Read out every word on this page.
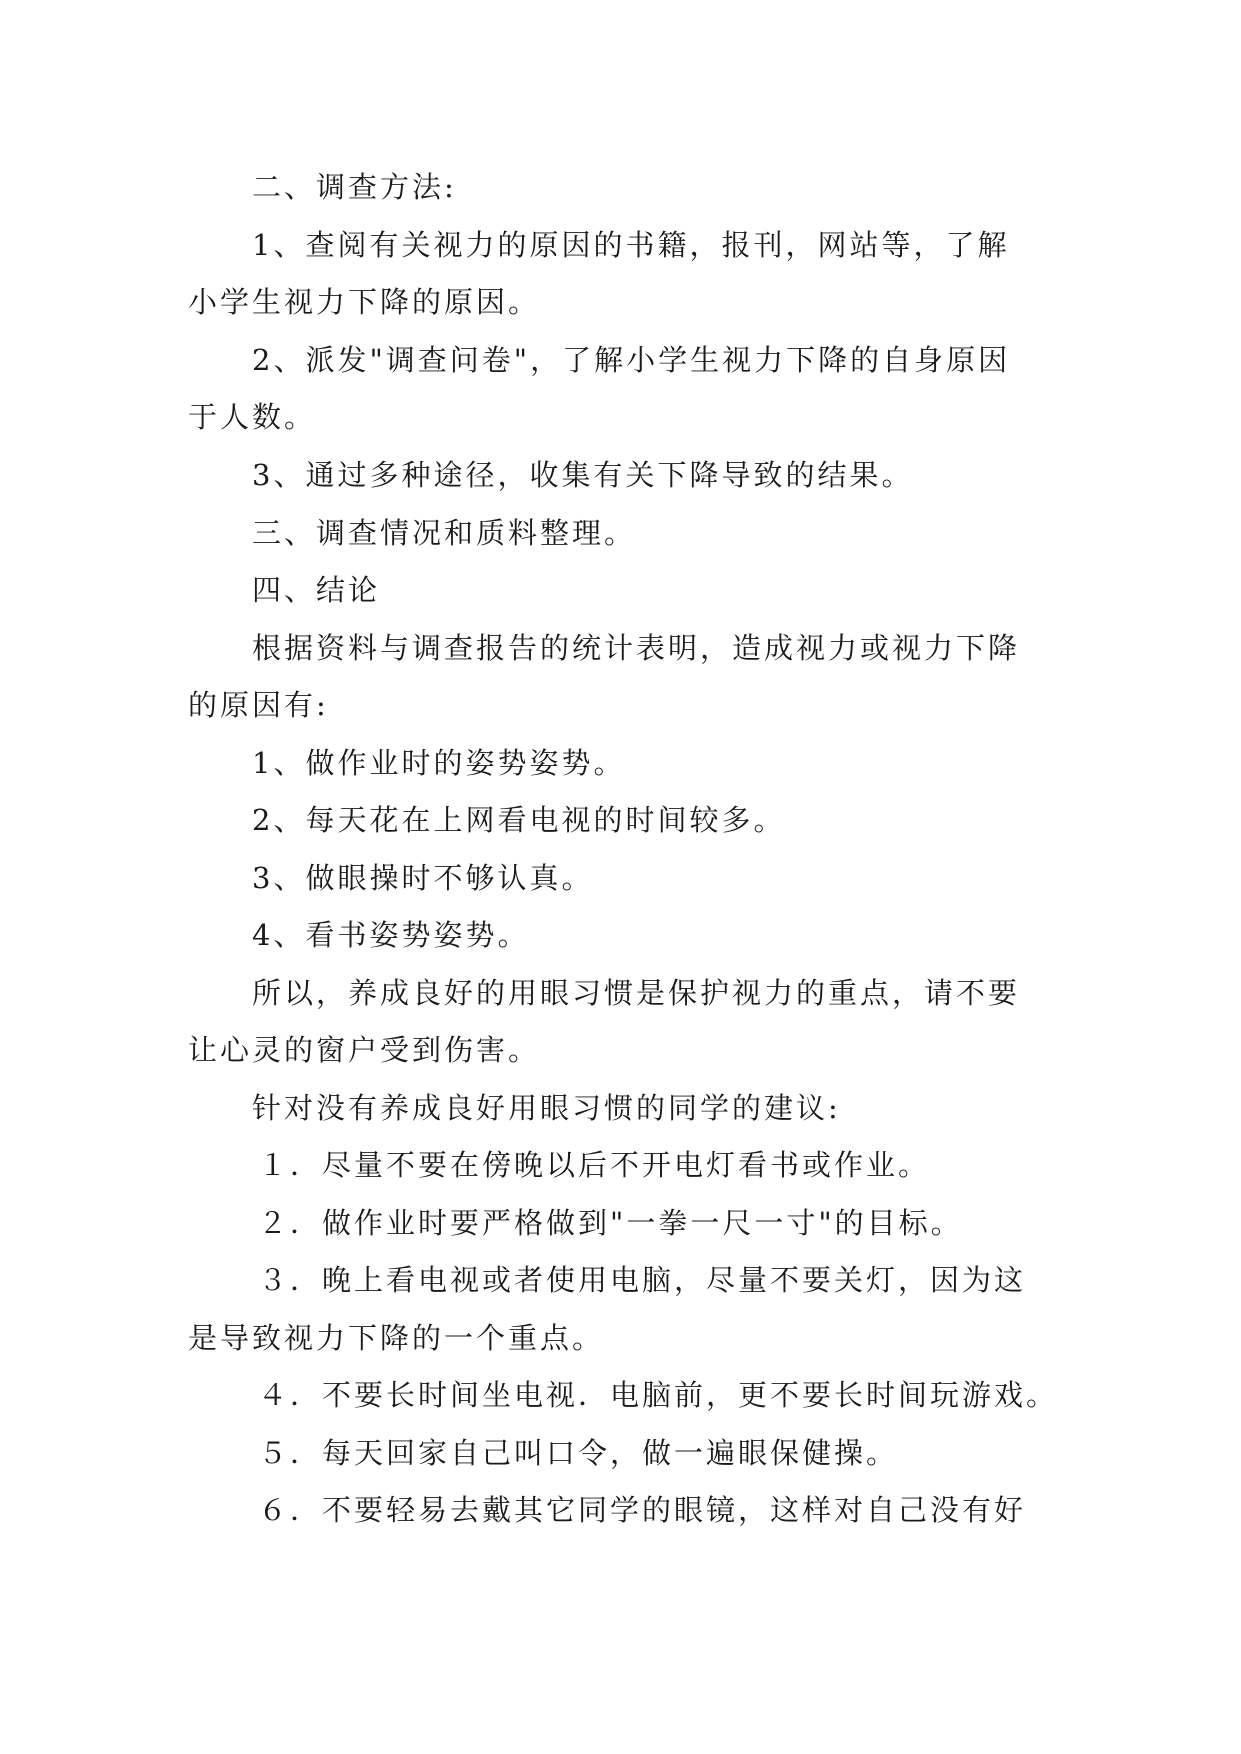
二、调查方法:
1、查阅有关视力的原因的书籍，报刊，网站等，了解
小学生视力下降的原因。
2、派发"调查问卷"，了解小学生视力下降的自身原因
于人数。
3、通过多种途径，收集有关下降导致的结果。
三、调查情况和质料整理。
四、结论
根据资料与调查报告的统计表明，造成视力或视力下降
的原因有:
1、做作业时的姿势姿势。
2、每天花在上网看电视的时间较多。
3、做眼操时不够认真。
4、看书姿势姿势。
所以，养成良好的用眼习惯是保护视力的重点，请不要
让心灵的窗户受到伤害。
针对没有养成良好用眼习惯的同学的建议:
１．尽量不要在傍晚以后不开电灯看书或作业。
２．做作业时要严格做到"一拳一尺一寸"的目标。
３．晚上看电视或者使用电脑，尽量不要关灯，因为这
是导致视力下降的一个重点。
４．不要长时间坐电视．电脑前，更不要长时间玩游戏。
５．每天回家自己叫口令，做一遍眼保健操。
６．不要轻易去戴其它同学的眼镜，这样对自己没有好
